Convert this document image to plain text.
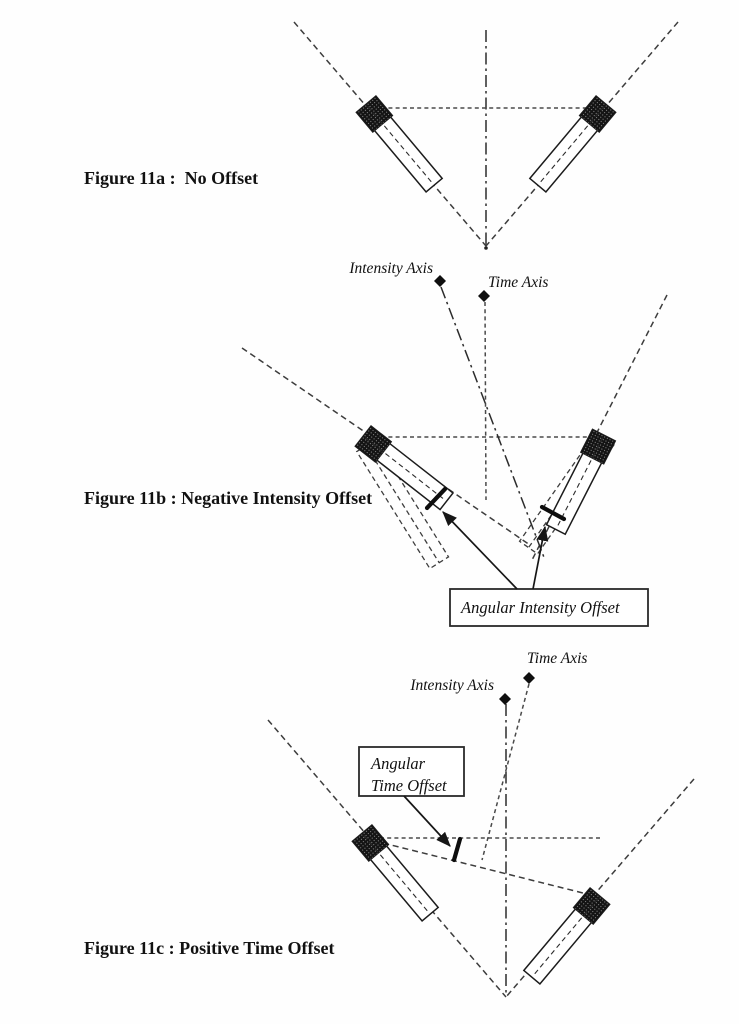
Figure 11a :  No Offset
Intensity Axis
Time Axis
Angular Intensity Offset
Figure 11b : Negative Intensity Offset
Time Axis
Intensity Axis
Angular
Time Offset
Figure 11c : Positive Time Offset
